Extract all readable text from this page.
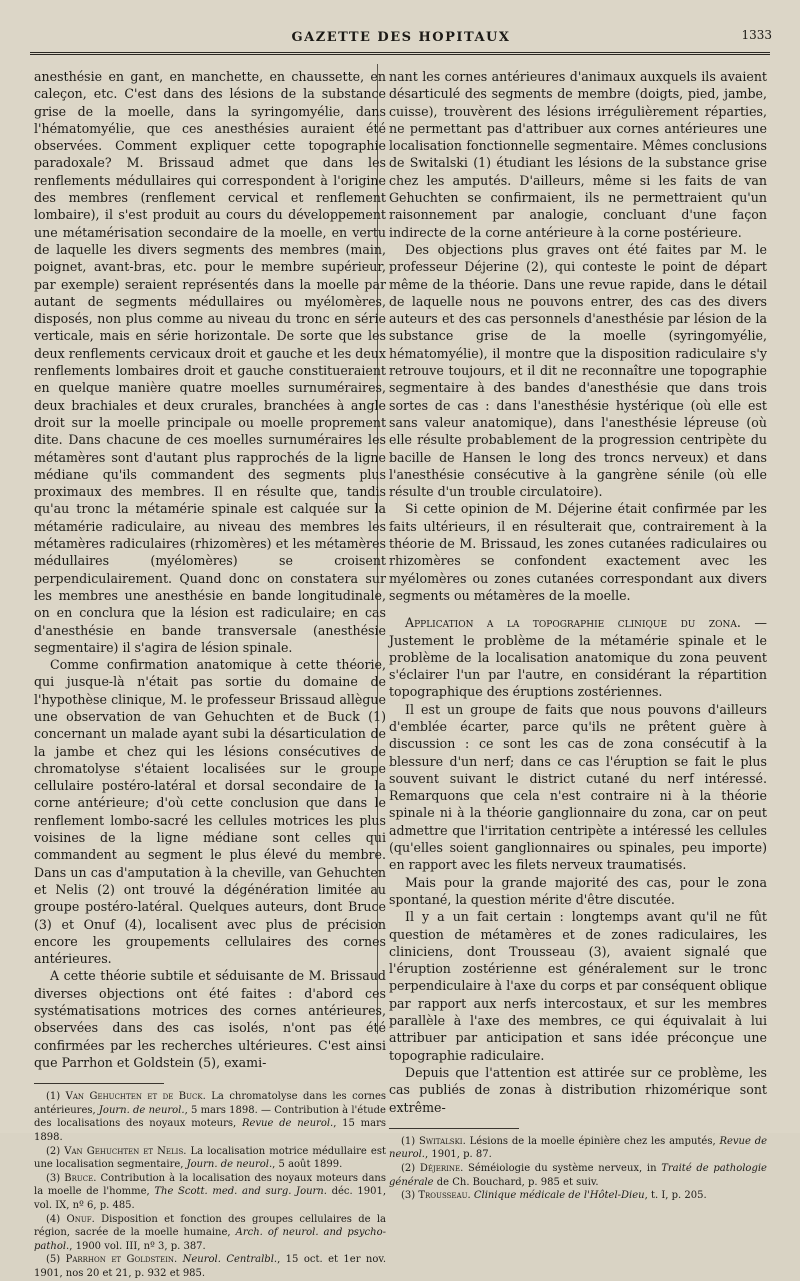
GAZETTE DES HOPITAUX	1333

anesthésie en gant, en manchette, en chaussette, en caleçon, etc. C'est dans des lésions de la substance grise de la moelle, dans la syringomyélie, dans l'hématomyélie, que ces anesthésies auraient été observées. Comment expliquer cette topographie paradoxale? M. Brissaud admet que dans les renflements médullaires qui correspondent à l'origine des membres (renflement cervical et renflement lombaire), il s'est produit au cours du développement une métamérisation secondaire de la moelle, en vertu de laquelle les divers segments des membres (main, poignet, avant-bras, etc. pour le membre supérieur, par exemple) seraient représentés dans la moelle par autant de segments médullaires ou myélomères, disposés, non plus comme au niveau du tronc en série verticale, mais en série horizontale. De sorte que les deux renflements cervicaux droit et gauche et les deux renflements lombaires droit et gauche constitueraient en quelque manière quatre moelles surnuméraires, deux brachiales et deux crurales, branchées à angle droit sur la moelle principale ou moelle proprement dite. Dans chacune de ces moelles surnuméraires les métamères sont d'autant plus rapprochés de la ligne médiane qu'ils commandent des segments plus proximaux des membres. Il en résulte que, tandis qu'au tronc la métamérie spinale est calquée sur la métamérie radiculaire, au niveau des membres les métamères radiculaires (rhizomères) et les métamères médullaires (myélomères) se croisent perpendiculairement. Quand donc on constatera sur les membres une anesthésie en bande longitudinale, on en conclura que la lésion est radiculaire; en cas d'anesthésie en bande transversale (anesthésie segmentaire) il s'agira de lésion spinale.

Comme confirmation anatomique à cette théorie, qui jusque-là n'était pas sortie du domaine de l'hypothèse clinique, M. le professeur Brissaud allègue une observation de van Gehuchten et de Buck (1) concernant un malade ayant subi la désarticulation de la jambe et chez qui les lésions consécutives de chromatolyse s'étaient localisées sur le groupe cellulaire postéro-latéral et dorsal secondaire de la corne antérieure; d'où cette conclusion que dans le renflement lombo-sacré les cellules motrices les plus voisines de la ligne médiane sont celles qui commandent au segment le plus élevé du membre. Dans un cas d'amputation à la cheville, van Gehuchten et Nelis (2) ont trouvé la dégénération limitée au groupe postéro-latéral. Quelques auteurs, dont Bruce (3) et Onuf (4), localisent avec plus de précision encore les groupements cellulaires des cornes antérieures.

A cette théorie subtile et séduisante de M. Brissaud diverses objections ont été faites : d'abord ces systématisations motrices des cornes antérieures, observées dans des cas isolés, n'ont pas été confirmées par les recherches ultérieures. C'est ainsi que Parrhon et Goldstein (5), exami-

(1) Van Gehuchten et de Buck. La chromatolyse dans les cornes antérieures, Journ. de neurol., 5 mars 1898. — Contribution à l'étude des localisations des noyaux moteurs, Revue de neurol., 15 mars 1898.

(2) Van Gehuchten et Nelis. La localisation motrice médullaire est une localisation segmentaire, Journ. de neurol., 5 août 1899.

(3) Bruce. Contribution à la localisation des noyaux moteurs dans la moelle de l'homme, The Scott. med. and surg. Journ. déc. 1901, vol. IX, nº 6, p. 485.

(4) Onuf. Disposition et fonction des groupes cellulaires de la région, sacrée de la moelle humaine, Arch. of neurol. and psycho-pathol., 1900 vol. III, nº 3, p. 387.

(5) Parrhon et Goldstein. Neurol. Centralbl., 15 oct. et 1er nov. 1901, nos 20 et 21, p. 932 et 985.

nant les cornes antérieures d'animaux auxquels ils avaient désarticulé des segments de membre (doigts, pied, jambe, cuisse), trouvèrent des lésions irrégulièrement réparties, ne permettant pas d'attribuer aux cornes antérieures une localisation fonctionnelle segmentaire. Mêmes conclusions de Switalski (1) étudiant les lésions de la substance grise chez les amputés. D'ailleurs, même si les faits de van Gehuchten se confirmaient, ils ne permettraient qu'un raisonnement par analogie, concluant d'une façon indirecte de la corne antérieure à la corne postérieure.

Des objections plus graves ont été faites par M. le professeur Déjerine (2), qui conteste le point de départ même de la théorie. Dans une revue rapide, dans le détail de laquelle nous ne pouvons entrer, des cas des divers auteurs et des cas personnels d'anesthésie par lésion de la substance grise de la moelle (syringomyélie, hématomyélie), il montre que la disposition radiculaire s'y retrouve toujours, et il dit ne reconnaître une topographie segmentaire à des bandes d'anesthésie que dans trois sortes de cas : dans l'anesthésie hystérique (où elle est sans valeur anatomique), dans l'anesthésie lépreuse (où elle résulte probablement de la progression centripète du bacille de Hansen le long des troncs nerveux) et dans l'anesthésie consécutive à la gangrène sénile (où elle résulte d'un trouble circulatoire).

Si cette opinion de M. Déjerine était confirmée par les faits ultérieurs, il en résulterait que, contrairement à la théorie de M. Brissaud, les zones cutanées radiculaires ou rhizomères se confondent exactement avec les myélomères ou zones cutanées correspondant aux divers segments ou métamères de la moelle.

Application a la topographie clinique du zona. — Justement le problème de la métamérie spinale et le problème de la localisation anatomique du zona peuvent s'éclairer l'un par l'autre, en considérant la répartition topographique des éruptions zostériennes.

Il est un groupe de faits que nous pouvons d'ailleurs d'emblée écarter, parce qu'ils ne prêtent guère à discussion : ce sont les cas de zona consécutif à la blessure d'un nerf; dans ce cas l'éruption se fait le plus souvent suivant le district cutané du nerf intéressé. Remarquons que cela n'est contraire ni à la théorie spinale ni à la théorie ganglionnaire du zona, car on peut admettre que l'irritation centripète a intéressé les cellules (qu'elles soient ganglionnaires ou spinales, peu importe) en rapport avec les filets nerveux traumatisés.

Mais pour la grande majorité des cas, pour le zona spontané, la question mérite d'être discutée.

Il y a un fait certain : longtemps avant qu'il ne fût question de métamères et de zones radiculaires, les cliniciens, dont Trousseau (3), avaient signalé que l'éruption zostérienne est généralement sur le tronc perpendiculaire à l'axe du corps et par conséquent oblique par rapport aux nerfs intercostaux, et sur les membres parallèle à l'axe des membres, ce qui équivalait à lui attribuer par anticipation et sans idée préconçue une topographie radiculaire.

Depuis que l'attention est attirée sur ce problème, les cas publiés de zonas à distribution rhizomérique sont extrême-

(1) Switalski. Lésions de la moelle épinière chez les amputés, Revue de neurol., 1901, p. 87.

(2) Déjerine. Séméiologie du système nerveux, in Traité de pathologie générale de Ch. Bouchard, p. 985 et suiv.

(3) Trousseau. Clinique médicale de l'Hôtel-Dieu, t. I, p. 205.
